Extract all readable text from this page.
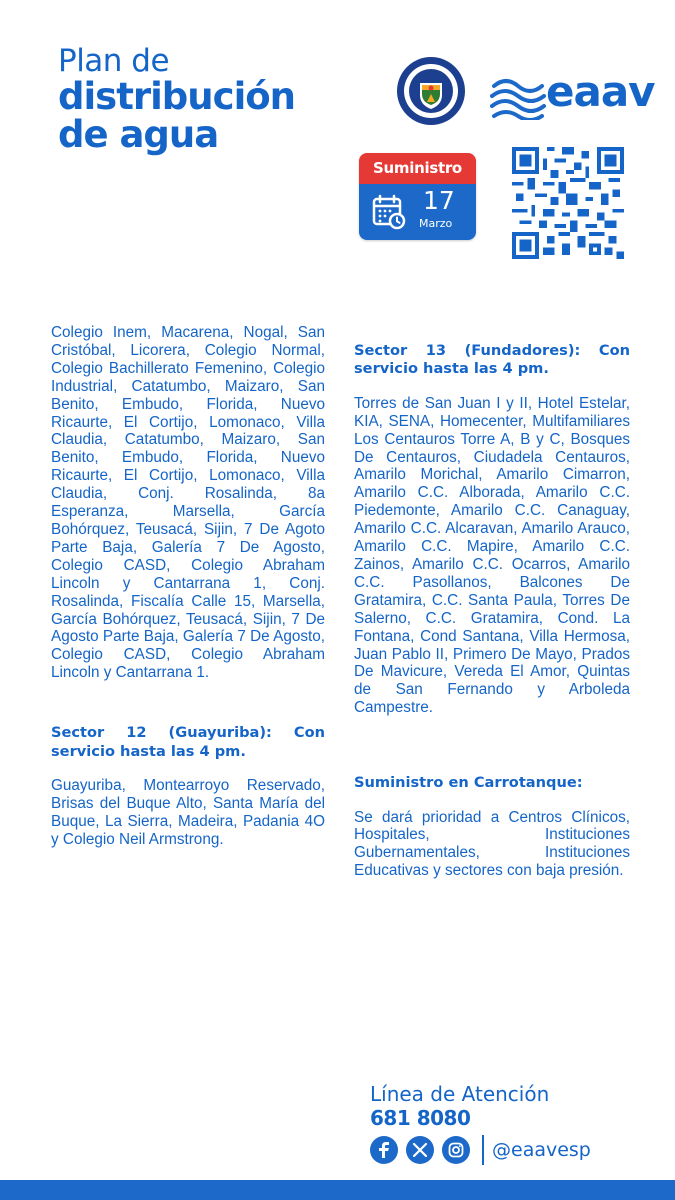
Plan de
distribución
de agua
eaav
Suministro
17
Marzo

Colegio Inem, Macarena, Nogal, San Cristóbal, Licorera, Colegio Normal, Colegio Bachillerato Femenino, Colegio Industrial, Catatumbo, Maizaro, San Benito, Embudo, Florida, Nuevo Ricaurte, El Cortijo, Lomonaco, Villa Claudia, Catatumbo, Maizaro, San Benito, Embudo, Florida, Nuevo Ricaurte, El Cortijo, Lomonaco, Villa Claudia, Conj. Rosalinda, 8a Esperanza, Marsella, García Bohórquez, Teusacá, Sijin, 7 De Agoto Parte Baja, Galería 7 De Agosto, Colegio CASD, Colegio Abraham Lincoln y Cantarrana 1, Conj. Rosalinda, Fiscalía Calle 15, Marsella, García Bohórquez, Teusacá, Sijin, 7 De Agosto Parte Baja, Galería 7 De Agosto, Colegio CASD, Colegio Abraham Lincoln y Cantarrana 1.

Sector 12 (Guayuriba): Con servicio hasta las 4 pm.

Guayuriba, Montearroyo Reservado, Brisas del Buque Alto, Santa María del Buque, La Sierra, Madeira, Padania 4O y Colegio Neil Armstrong.

Sector 13 (Fundadores): Con servicio hasta las 4 pm.

Torres de San Juan I y II, Hotel Estelar, KIA, SENA, Homecenter, Multifamiliares Los Centauros Torre A, B y C, Bosques De Centauros, Ciudadela Centauros, Amarilo Morichal, Amarilo Cimarron, Amarilo C.C. Alborada, Amarilo C.C. Piedemonte, Amarilo C.C. Canaguay, Amarilo C.C. Alcaravan, Amarilo Arauco, Amarilo C.C. Mapire, Amarilo C.C. Zainos, Amarilo C.C. Ocarros, Amarilo C.C. Pasollanos, Balcones De Gratamira, C.C. Santa Paula, Torres De Salerno, C.C. Gratamira, Cond. La Fontana, Cond Santana, Villa Hermosa, Juan Pablo II, Primero De Mayo, Prados De Mavicure, Vereda El Amor, Quintas de San Fernando y Arboleda Campestre.

Suministro en Carrotanque:

Se dará prioridad a Centros Clínicos, Hospitales, Instituciones Gubernamentales, Instituciones Educativas y sectores con baja presión.

Línea de Atención
681 8080
@eaavesp
